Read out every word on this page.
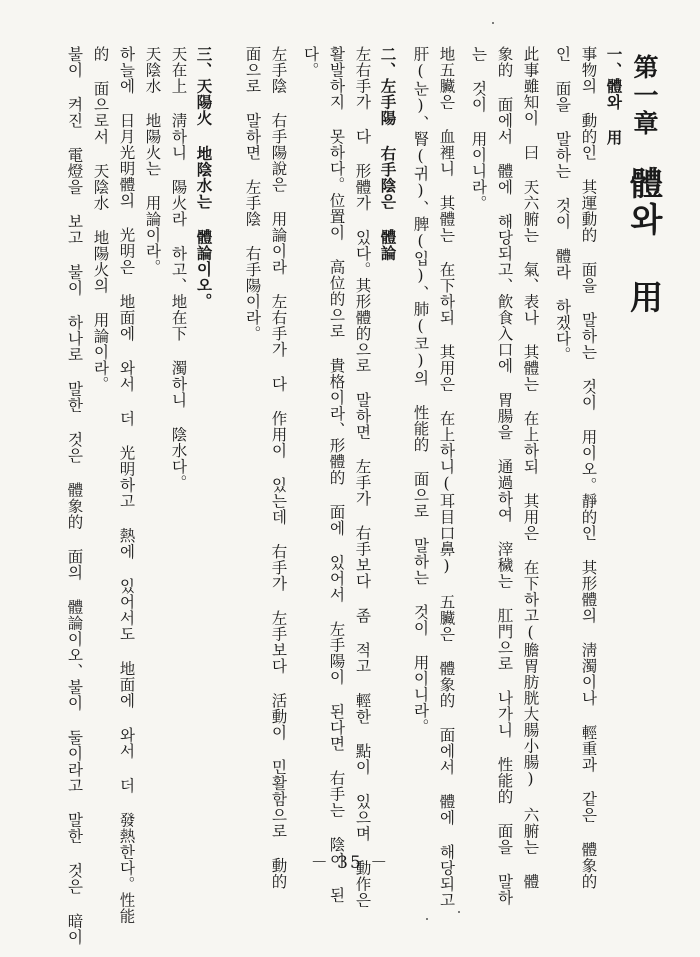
第一章　體와 用
一、體와 用
事物의 動的인 其運動的 面을 말하는 것이 用이오。靜的인 其形體의 淸濁이나 輕重과 같은 體象的
인 面을 말하는 것이 體라 하겠다。
此事雖知이 曰 天六腑는 氣、表나 其體는 在上하되 其用은 在下하고(膽胃肪胱大腸小腸) 六腑는 體
象的 面에서 體에 해당되고、飮食入口에 胃腸을 通過하여 滓穢는 肛門으로 나가니 性能的 面을 말하
는 것이 用이니라。
地五臟은 血裡니 其體는 在下하되 其用은 在上하니(耳目口鼻) 五臟은 體象的 面에서 體에 해당되고
肝(눈)、腎(귀)、脾(입)、肺(코)의 性能的 面으로 말하는 것이 用이니라。
二、左手陽 右手陰은 體論
左右手가 다 形體가 있다。其形體的으로 말하면 左手가 右手보다 좀 적고 輕한 點이 있으며 動作은
활발하지 못하다。位置이 高位的으로 貴格이라、形體的 面에 있어서 左手陽이 된다면 右手는 陰이 된
다。
左手陰 右手陽說은 用論이라 左右手가 다 作用이 있는데 右手가 左手보다 活動이 민활함으로 動的
面으로 말하면 左手陰 右手陽이라。
三、天陽火 地陰水는 體論이오。
天在上 淸하니 陽火라 하고、地在下 濁하니 陰水다。
天陰水 地陽火는 用論이라。
하늘에 日月光明體의 光明은 地面에 와서 더 光明하고 熱에 있어서도 地面에 와서 더 發熱한다。性能
的 面으로서 天陰水 地陽火의 用論이라。
불이 켜진 電燈을 보고 불이 하나로 말한 것은 體象的 面의 體論이오、불이 둘이라고 말한 것은 暗이	－ 35 －
